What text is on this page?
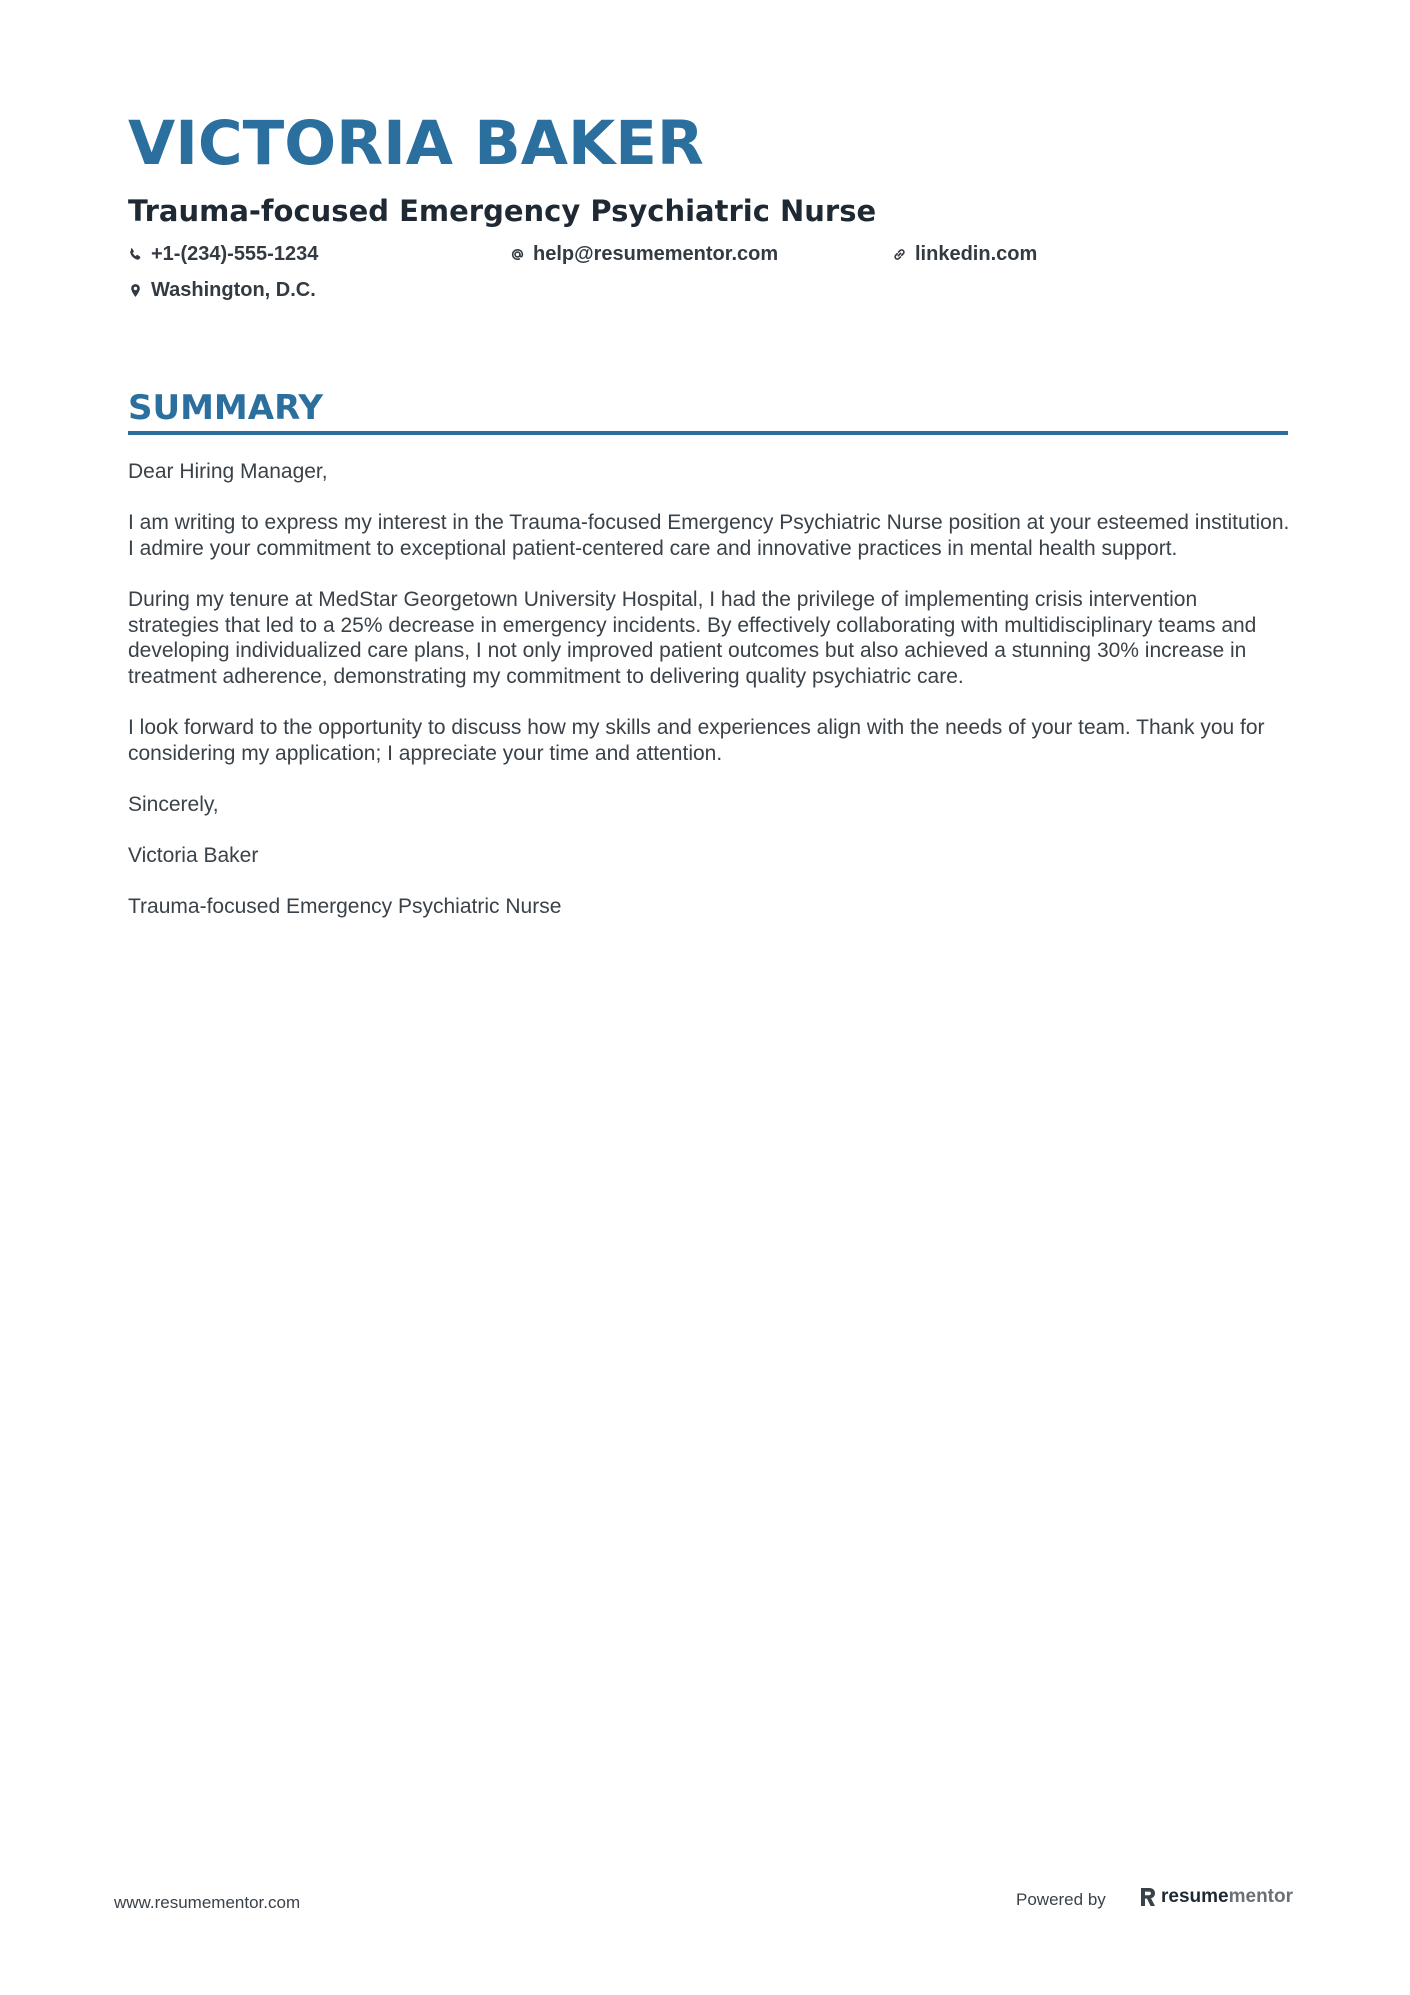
VICTORIA BAKER
Trauma-focused Emergency Psychiatric Nurse
+1-(234)-555-1234	help@resumementor.com	linkedin.com
Washington, D.C.
SUMMARY

Dear Hiring Manager,

I am writing to express my interest in the Trauma-focused Emergency Psychiatric Nurse position at your esteemed institution. I admire your commitment to exceptional patient-centered care and innovative practices in mental health support.

During my tenure at MedStar Georgetown University Hospital, I had the privilege of implementing crisis intervention strategies that led to a 25% decrease in emergency incidents. By effectively collaborating with multidisciplinary teams and developing individualized care plans, I not only improved patient outcomes but also achieved a stunning 30% increase in treatment adherence, demonstrating my commitment to delivering quality psychiatric care.

I look forward to the opportunity to discuss how my skills and experiences align with the needs of your team. Thank you for considering my application; I appreciate your time and attention.

Sincerely,

Victoria Baker

Trauma-focused Emergency Psychiatric Nurse

www.resumementor.com	Powered by	resume mentor
